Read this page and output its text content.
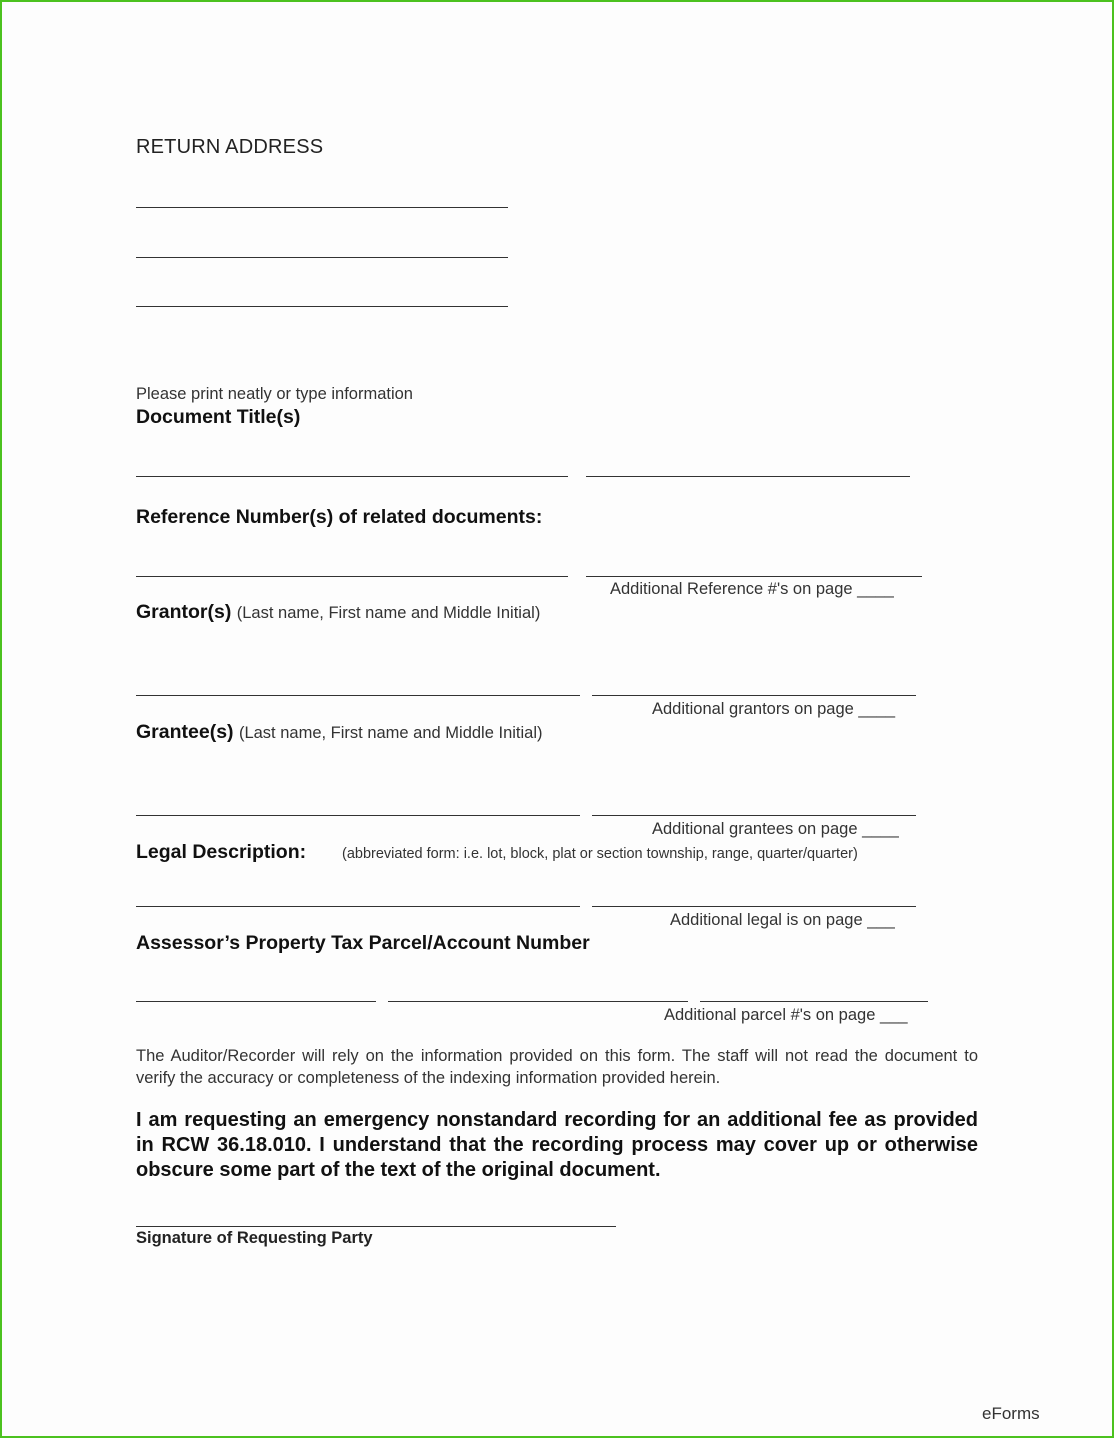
RETURN ADDRESS
Please print neatly or type information
Document Title(s)
Reference Number(s) of related documents:
Additional Reference #'s on page ____
Grantor(s) (Last name, First name and Middle Initial)
Additional grantors on page ____
Grantee(s) (Last name, First name and Middle Initial)
Additional grantees on page ____
Legal Description: (abbreviated form: i.e. lot, block, plat or section township, range, quarter/quarter)
Additional legal is on page ___
Assessor’s Property Tax Parcel/Account Number
Additional parcel #'s on page ___
The Auditor/Recorder will rely on the information provided on this form. The staff will not read the document to verify the accuracy or completeness of the indexing information provided herein.
I am requesting an emergency nonstandard recording for an additional fee as provided in RCW 36.18.010. I understand that the recording process may cover up or otherwise obscure some part of the text of the original document.
Signature of Requesting Party
eForms
